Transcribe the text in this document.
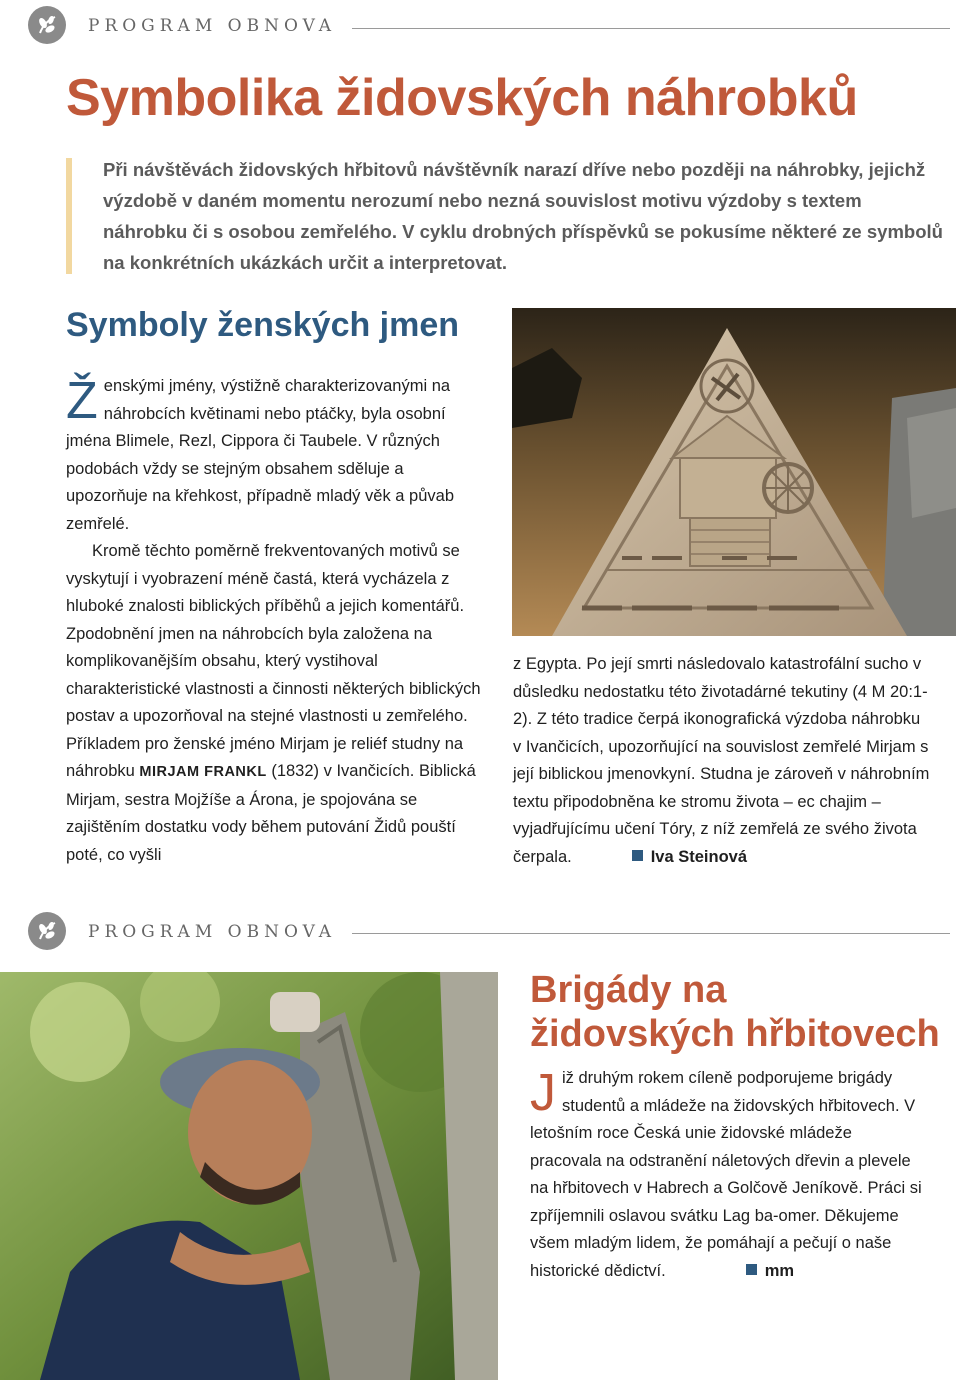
PROGRAM OBNOVA
Symbolika židovských náhrobků
Při návštěvách židovských hřbitovů návštěvník narazí dříve nebo později na náhrobky, jejichž výzdobě v daném momentu nerozumí nebo nezná souvislost motivu výzdoby s textem náhrobku či s osobou zemřelého. V cyklu drobných příspěvků se pokusíme některé ze symbolů na konkrétních ukázkách určit a interpretovat.
Symboly ženských jmen

Ženskými jmény, výstižně charakterizovanými na náhrobcích květinami nebo ptáčky, byla osobní jména Blimele, Rezl, Cippora či Taubele. V různých podobách vždy se stejným obsahem sděluje a upozorňuje na křehkost, případně mladý věk a půvab zemřelé.

Kromě těchto poměrně frekventovaných motivů se vyskytují i vyobrazení méně častá, která vycházela z hluboké znalosti biblických příběhů a jejich komentářů. Zpodobnění jmen na náhrobcích byla založena na komplikovanějším obsahu, který vystihoval charakteristické vlastnosti a činnosti některých biblických postav a upozorňoval na stejné vlastnosti u zemřelého. Příkladem pro ženské jméno Mirjam je reliéf studny na náhrobku MIRJAM FRANKL (1832) v Ivančicích. Biblická Mirjam, sestra Mojžíše a Árona, je spojována se zajištěním dostatku vody během putování Židů pouští poté, co vyšli

z Egypta. Po její smrti následovalo katastrofální sucho v důsledku nedostatku této životadárné tekutiny (4 M 20:1-2). Z této tradice čerpá ikonografická výzdoba náhrobku v Ivančicích, upozorňující na souvislost zemřelé Mirjam s její biblickou jmenovkyní. Studna je zároveň v náhrobním textu připodobněna ke stromu života – ec chajim – vyjadřujícímu učení Tóry, z níž zemřelá ze svého života čerpala.	Iva Steinová

PROGRAM OBNOVA
Brigády na židovských hřbitovech

Již druhým rokem cíleně podporujeme brigády studentů a mládeže na židovských hřbitovech. V letošním roce Česká unie židovské mládeže pracovala na odstranění náletových dřevin a plevele na hřbitovech v Habrech a Golčově Jeníkově. Práci si zpříjemnili oslavou svátku Lag ba-omer. Děkujeme všem mladým lidem, že pomáhají a pečují o naše historické dědictví.	mm
